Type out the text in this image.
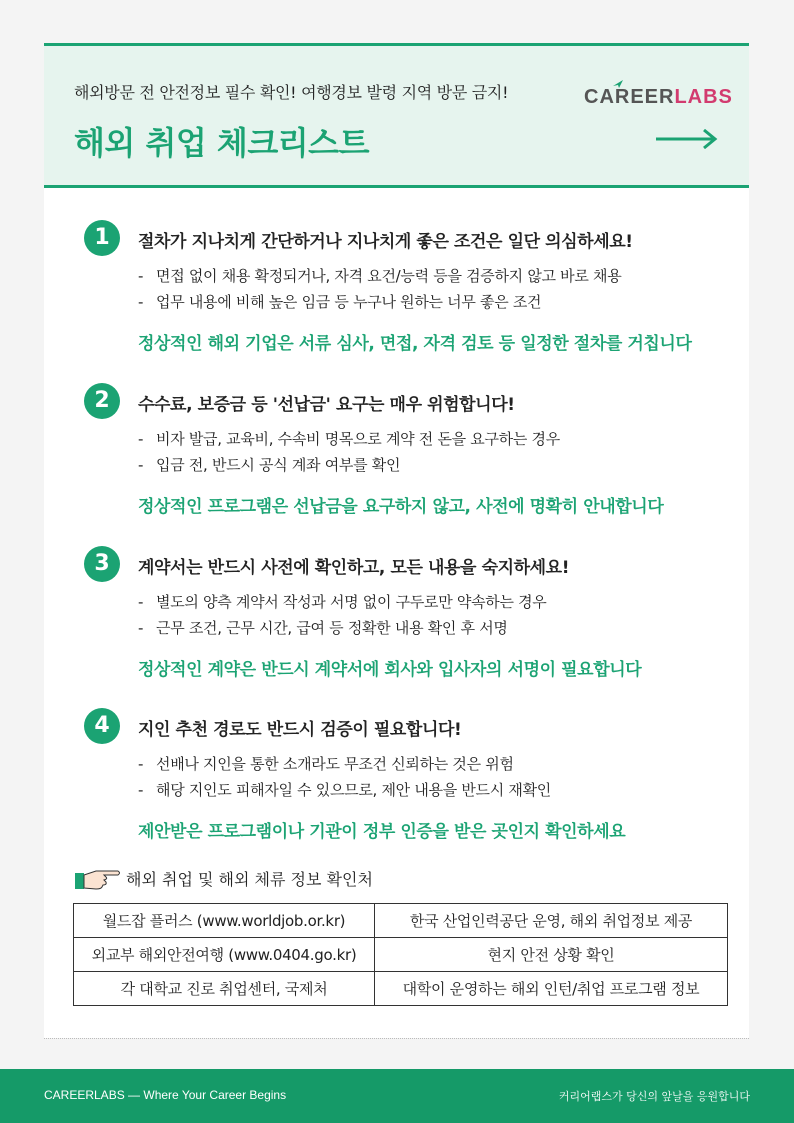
해외방문 전 안전정보 필수 확인! 여행경보 발령 지역 방문 금지!
해외 취업 체크리스트
CAREERLABS
1	절차가 지나치게 간단하거나 지나치게 좋은 조건은 일단 의심하세요!
- 면접 없이 채용 확정되거나, 자격 요건/능력 등을 검증하지 않고 바로 채용
- 업무 내용에 비해 높은 임금 등 누구나 원하는 너무 좋은 조건
정상적인 해외 기업은 서류 심사, 면접, 자격 검토 등 일정한 절차를 거칩니다
2	수수료, 보증금 등 '선납금' 요구는 매우 위험합니다!
- 비자 발급, 교육비, 수속비 명목으로 계약 전 돈을 요구하는 경우
- 입금 전, 반드시 공식 계좌 여부를 확인
정상적인 프로그램은 선납금을 요구하지 않고, 사전에 명확히 안내합니다
3	계약서는 반드시 사전에 확인하고, 모든 내용을 숙지하세요!
- 별도의 양측 계약서 작성과 서명 없이 구두로만 약속하는 경우
- 근무 조건, 근무 시간, 급여 등 정확한 내용 확인 후 서명
정상적인 계약은 반드시 계약서에 회사와 입사자의 서명이 필요합니다
4	지인 추천 경로도 반드시 검증이 필요합니다!
- 선배나 지인을 통한 소개라도 무조건 신뢰하는 것은 위험
- 해당 지인도 피해자일 수 있으므로, 제안 내용을 반드시 재확인
제안받은 프로그램이나 기관이 정부 인증을 받은 곳인지 확인하세요
해외 취업 및 해외 체류 정보 확인처
월드잡 플러스 (www.worldjob.or.kr)	한국 산업인력공단 운영, 해외 취업정보 제공
외교부 해외안전여행 (www.0404.go.kr)	현지 안전 상황 확인
각 대학교 진로 취업센터, 국제처	대학이 운영하는 해외 인턴/취업 프로그램 정보
CAREERLABS — Where Your Career Begins	커리어랩스가 당신의 앞날을 응원합니다
